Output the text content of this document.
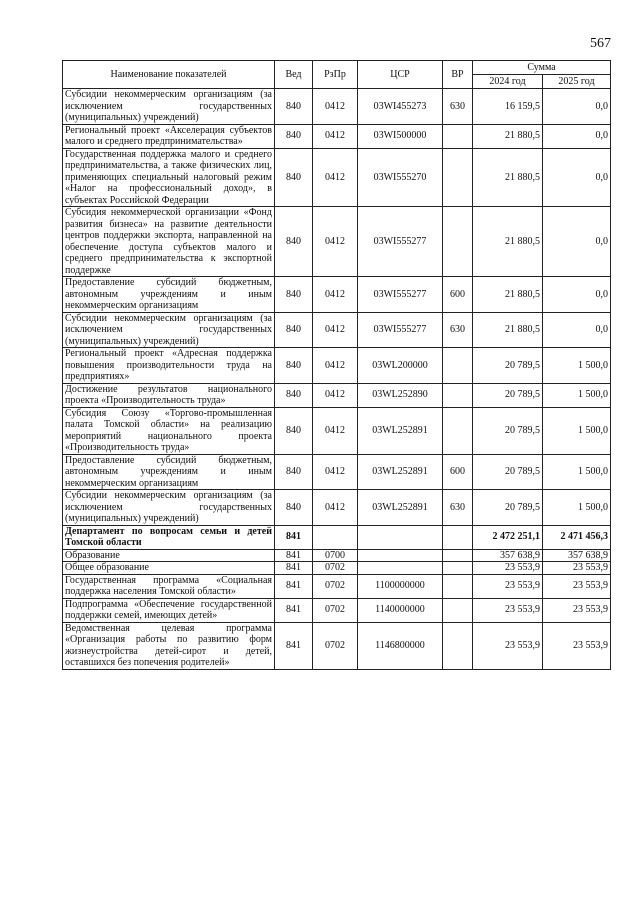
567
Наименование показателей	Вед	РзПр	ЦСР	ВР	Сумма	
					2024 год	2025 год
Субсидии некоммерческим организациям (за исключением государственных (муниципальных) учреждений)	840	0412	03WI455273	630	16 159,5	0,0
Региональный проект «Акселерация субъектов малого и среднего предпринимательства»	840	0412	03WI500000		21 880,5	0,0
Государственная поддержка малого и среднего предпринимательства, а также физических лиц, применяющих специальный налоговый режим «Налог на профессиональный доход», в субъектах Российской Федерации	840	0412	03WI555270		21 880,5	0,0
Субсидия некоммерческой организации «Фонд развития бизнеса» на развитие деятельности центров поддержки экспорта, направленной на обеспечение доступа субъектов малого и среднего предпринимательства к экспортной поддержке	840	0412	03WI555277		21 880,5	0,0
Предоставление субсидий бюджетным, автономным учреждениям и иным некоммерческим организациям	840	0412	03WI555277	600	21 880,5	0,0
Субсидии некоммерческим организациям (за исключением государственных (муниципальных) учреждений)	840	0412	03WI555277	630	21 880,5	0,0
Региональный проект «Адресная поддержка повышения производительности труда на предприятиях»	840	0412	03WL200000		20 789,5	1 500,0
Достижение результатов национального проекта «Производительность труда»	840	0412	03WL252890		20 789,5	1 500,0
Субсидия Союзу «Торгово-промышленная палата Томской области» на реализацию мероприятий национального проекта «Производительность труда»	840	0412	03WL252891		20 789,5	1 500,0
Предоставление субсидий бюджетным, автономным учреждениям и иным некоммерческим организациям	840	0412	03WL252891	600	20 789,5	1 500,0
Субсидии некоммерческим организациям (за исключением государственных (муниципальных) учреждений)	840	0412	03WL252891	630	20 789,5	1 500,0
Департамент по вопросам семьи и детей Томской области	841				2 472 251,1	2 471 456,3
Образование	841	0700			357 638,9	357 638,9
Общее образование	841	0702			23 553,9	23 553,9
Государственная программа «Социальная поддержка населения Томской области»	841	0702	1100000000		23 553,9	23 553,9
Подпрограмма «Обеспечение государственной поддержки семей, имеющих детей»	841	0702	1140000000		23 553,9	23 553,9
Ведомственная целевая программа «Организация работы по развитию форм жизнеустройства детей-сирот и детей, оставшихся без попечения родителей»	841	0702	1146800000		23 553,9	23 553,9
